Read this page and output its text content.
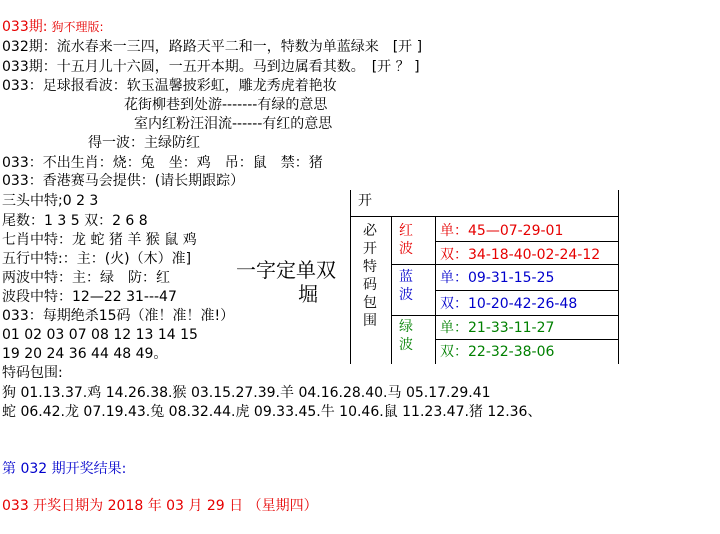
033期: 狗不理版:
032期：流水春来一三四，路路天平二和一，特数为单蓝绿来　[开 ]
033期：十五月儿十六圆，一五开本期。马到边属看其数。　[开 ？ ]
033：足球报看波：软玉温馨披彩虹，雕龙秀虎着艳妆
花街柳巷到处游-------有绿的意思
室内红粉汪泪流------有红的意思
得一波：主绿防红
033：不出生肖：烧：兔　坐：鸡　吊：鼠　禁：猪
033：香港赛马会提供：(请长期跟踪）
三头中特;0 2 3
尾数：1 3 5 双：2 6 8
七肖中特：龙 蛇 猪 羊 猴 鼠 鸡
五行中特:：主：(火)（木）准]
两波中特：主：绿　防：红
波段中特：12—22 31---47
033：每期绝杀15码（准！准！准!）
01 02 03 07 08 12 13 14 15
19 20 24 36 44 48 49。
一字定单双
堀
开
必开特码包围
红波
单：45—07-29-01
双：34-18-40-02-24-12
蓝波
单：09-31-15-25
双：10-20-42-26-48
绿波
单：21-33-11-27
双：22-32-38-06
特码包围:
狗 01.13.37.鸡 14.26.38.猴 03.15.27.39.羊 04.16.28.40.马 05.17.29.41
蛇 06.42.龙 07.19.43.兔 08.32.44.虎 09.33.45.牛 10.46.鼠 11.23.47.猪 12.36、
第 032 期开奖结果:
033 开奖日期为 2018 年 03 月 29 日 （星期四）
